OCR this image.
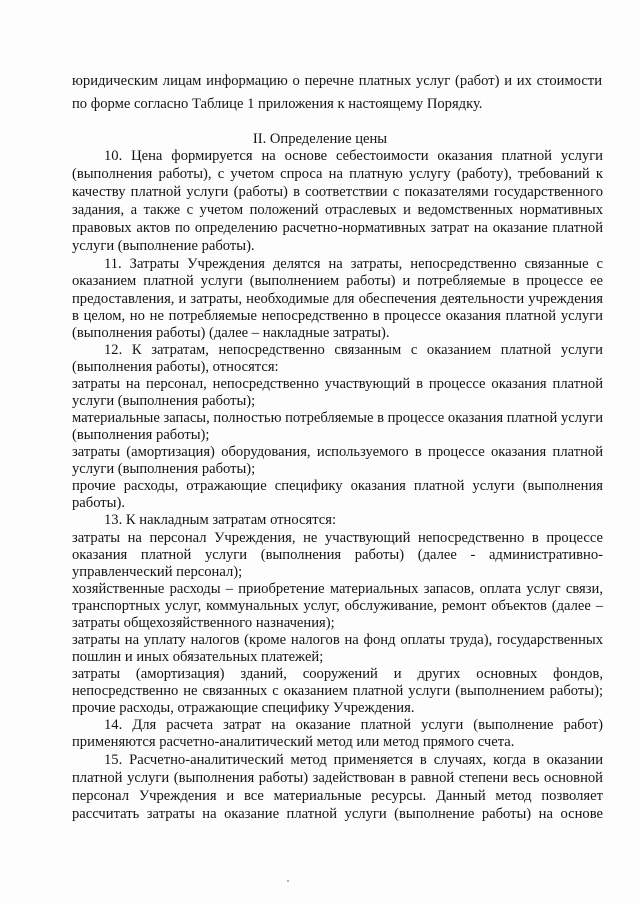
юридическим лицам информацию о перечне платных услуг (работ) и их стоимости
по форме согласно Таблице 1 приложения к настоящему Порядку.
II. Определение цены
10. Цена формируется на основе себестоимости оказания платной услуги
(выполнения работы), с учетом спроса на платную услугу (работу), требований к
качеству платной услуги (работы) в соответствии с показателями государственного
задания, а также с учетом положений отраслевых и ведомственных нормативных
правовых актов по определению расчетно-нормативных затрат на оказание платной
услуги (выполнение работы).
11. Затраты Учреждения делятся на затраты, непосредственно связанные с
оказанием платной услуги (выполнением работы) и потребляемые в процессе ее
предоставления, и затраты, необходимые для обеспечения деятельности учреждения
в целом, но не потребляемые непосредственно в процессе оказания платной услуги
(выполнения работы) (далее – накладные затраты).
12. К затратам, непосредственно связанным с оказанием платной услуги
(выполнения работы), относятся:
затраты на персонал, непосредственно участвующий в процессе оказания платной
услуги (выполнения работы);
материальные запасы, полностью потребляемые в процессе оказания платной услуги
(выполнения работы);
затраты (амортизация) оборудования, используемого в процессе оказания платной
услуги (выполнения работы);
прочие расходы, отражающие специфику оказания платной услуги (выполнения
работы).
13. К накладным затратам относятся:
затраты на персонал Учреждения, не участвующий непосредственно в процессе
оказания платной услуги (выполнения работы) (далее - административно-
управленческий персонал);
хозяйственные расходы – приобретение материальных запасов, оплата услуг связи,
транспортных услуг, коммунальных услуг, обслуживание, ремонт объектов (далее –
затраты общехозяйственного назначения);
затраты на уплату налогов (кроме налогов на фонд оплаты труда), государственных
пошлин и иных обязательных платежей;
затраты (амортизация) зданий, сооружений и других основных фондов,
непосредственно не связанных с оказанием платной услуги (выполнением работы);
прочие расходы, отражающие специфику Учреждения.
14. Для расчета затрат на оказание платной услуги (выполнение работ)
применяются расчетно-аналитический метод или метод прямого счета.
15. Расчетно-аналитический метод применяется в случаях, когда в оказании
платной услуги (выполнения работы) задействован в равной степени весь основной
персонал Учреждения и все материальные ресурсы. Данный метод позволяет
рассчитать затраты на оказание платной услуги (выполнение работы) на основе
